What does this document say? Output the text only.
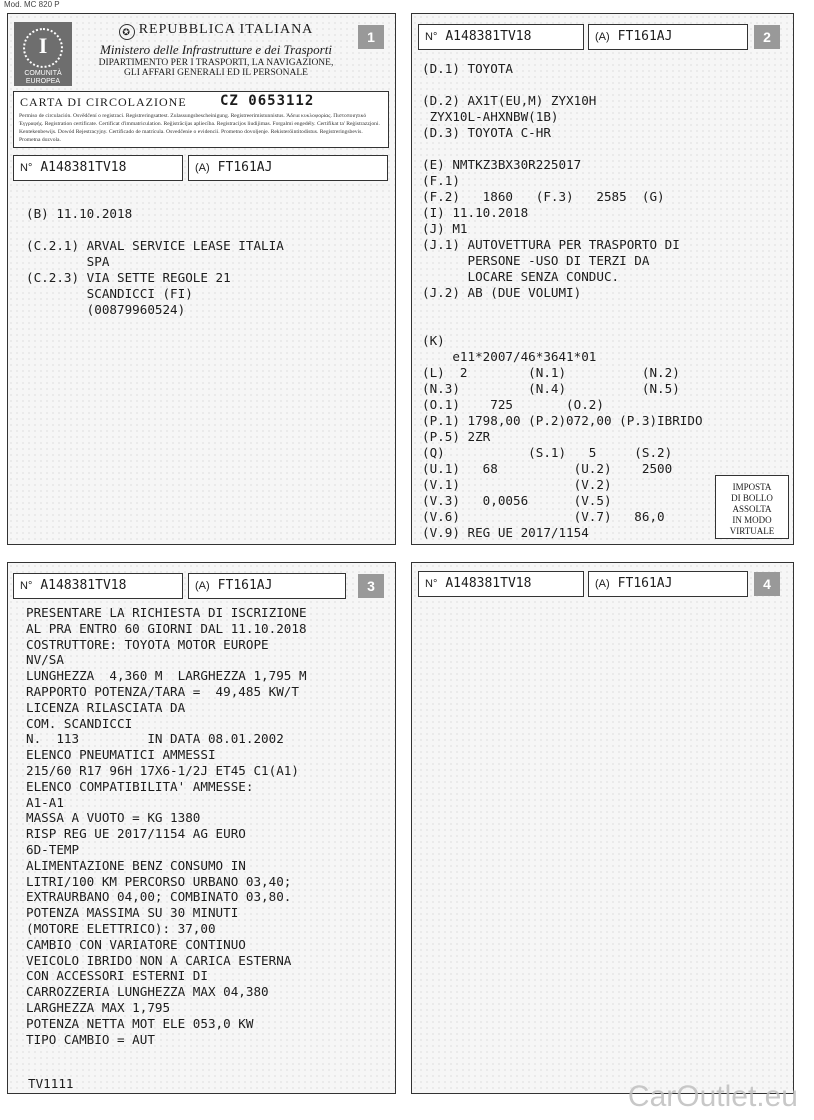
Mod. MC 820 P
I
COMUNITÀ EUROPEA
✪ REPUBBLICA ITALIANA
Ministero delle Infrastrutture e dei Trasporti
DIPARTIMENTO PER I TRASPORTI, LA NAVIGAZIONE,
GLI AFFARI GENERALI ED IL PERSONALE
1
CARTA DI CIRCOLAZIONE CZ 0653112
Permiso de circulación. Osvědčení o registraci. Registreringsattest. Zulassungsbescheinigung. Registreerimistunnistus. Άδεια κυκλοφορίας. Πιστοποιητικό Έγγραφής. Registration certificate. Certificat d'immatriculation. Reģistrācijas apliecība. Registracijos liudijimas. Forgalmi engedély. Certifikat ta' Reġistrazzjoni. Kentekenbewijs. Dowód Rejestracyjny. Certificado de matrícula. Osvedčenie o evidencii. Prometno dovoljenje. Rekisteröintitodistus. Registreringsbevis. Prometna dozvola.
N° A148381TV18	(A) FT161AJ
(B) 11.10.2018

(C.2.1) ARVAL SERVICE LEASE ITALIA
SPA
(C.2.3) VIA SETTE REGOLE 21
SCANDICCI (FI)
(00879960524)
N° A148381TV18	(A) FT161AJ	2
(D.1) TOYOTA

(D.2) AX1T(EU,M) ZYX10H
ZYX10L-AHXNBW(1B)
(D.3) TOYOTA C-HR

(E) NMTKZ3BX30R225017
(F.1)
(F.2)   1860   (F.3)   2585  (G)
(I) 11.10.2018
(J) M1
(J.1) AUTOVETTURA PER TRASPORTO DI
PERSONE -USO DI TERZI DA
LOCARE SENZA CONDUC.
(J.2) AB (DUE VOLUMI)

(K)
e11*2007/46*3641*01
(L)  2        (N.1)          (N.2)
(N.3)         (N.4)          (N.5)
(O.1)    725       (O.2)
(P.1) 1798,00 (P.2)072,00 (P.3)IBRIDO
(P.5) 2ZR
(Q)           (S.1)   5     (S.2)
(U.1)   68          (U.2)    2500
(V.1)               (V.2)
(V.3)   0,0056      (V.5)
(V.6)               (V.7)   86,0
(V.9) REG UE 2017/1154
IMPOSTA
DI BOLLO
ASSOLTA
IN MODO
VIRTUALE
N° A148381TV18	(A) FT161AJ	3
PRESENTARE LA RICHIESTA DI ISCRIZIONE
AL PRA ENTRO 60 GIORNI DAL 11.10.2018
COSTRUTTORE: TOYOTA MOTOR EUROPE
NV/SA
LUNGHEZZA  4,360 M  LARGHEZZA 1,795 M
RAPPORTO POTENZA/TARA =  49,485 KW/T
LICENZA RILASCIATA DA
COM. SCANDICCI
N.  113         IN DATA 08.01.2002
ELENCO PNEUMATICI AMMESSI
215/60 R17 96H 17X6-1/2J ET45 C1(A1)
ELENCO COMPATIBILITA' AMMESSE:
A1-A1
MASSA A VUOTO = KG 1380
RISP REG UE 2017/1154 AG EURO
6D-TEMP
ALIMENTAZIONE BENZ CONSUMO IN
LITRI/100 KM PERCORSO URBANO 03,40;
EXTRAURBANO 04,00; COMBINATO 03,80.
POTENZA MASSIMA SU 30 MINUTI
(MOTORE ELETTRICO): 37,00
CAMBIO CON VARIATORE CONTINUO
VEICOLO IBRIDO NON A CARICA ESTERNA
CON ACCESSORI ESTERNI DI
CARROZZERIA LUNGHEZZA MAX 04,380
LARGHEZZA MAX 1,795
POTENZA NETTA MOT ELE 053,0 KW
TIPO CAMBIO = AUT
TV1111
N° A148381TV18	(A) FT161AJ	4
CarOutlet.eu
